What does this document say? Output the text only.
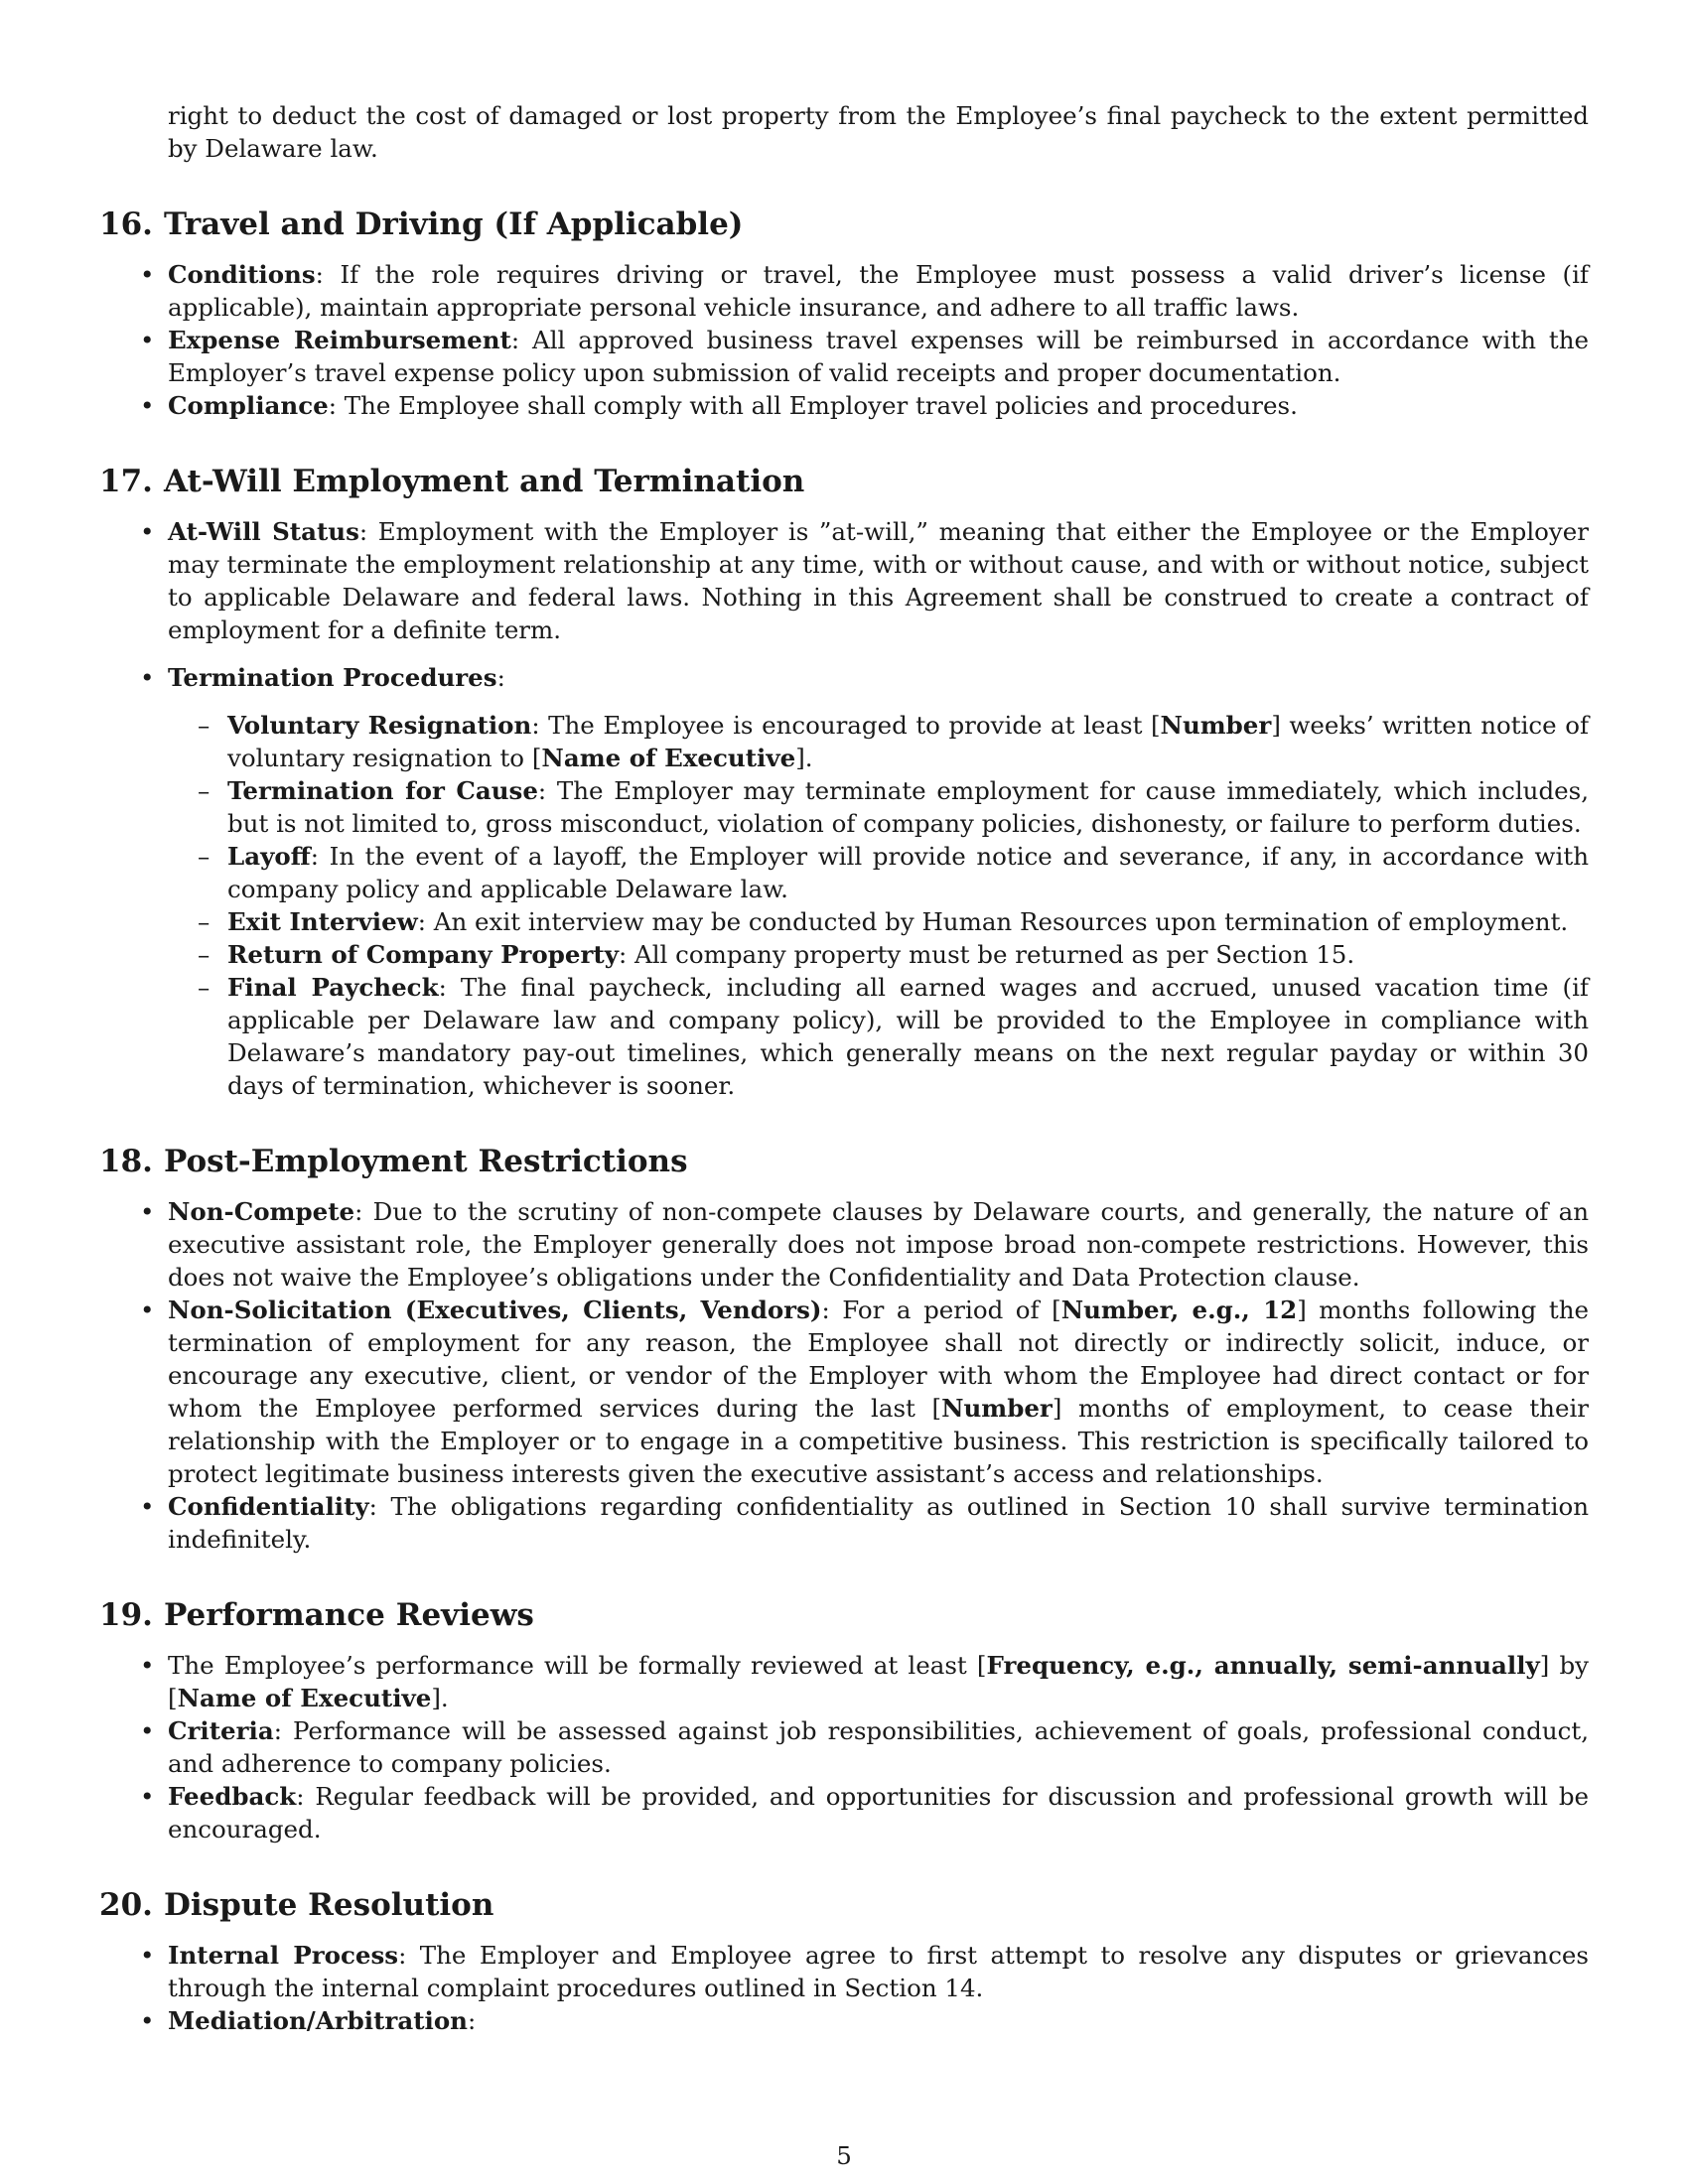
right to deduct the cost of damaged or lost property from the Employee’s final paycheck to the extent permitted by Delaware law.

16. Travel and Driving (If Applicable)
• Conditions: If the role requires driving or travel, the Employee must possess a valid driver’s license (if applicable), maintain appropriate personal vehicle insurance, and adhere to all traffic laws.
• Expense Reimbursement: All approved business travel expenses will be reimbursed in accordance with the Employer’s travel expense policy upon submission of valid receipts and proper documentation.
• Compliance: The Employee shall comply with all Employer travel policies and procedures.
17. At-Will Employment and Termination
• At-Will Status: Employment with the Employer is ”at-will,” meaning that either the Employee or the Employer may terminate the employment relationship at any time, with or without cause, and with or without notice, subject to applicable Delaware and federal laws. Nothing in this Agreement shall be construed to create a contract of employment for a definite term.
• Termination Procedures:
– Voluntary Resignation: The Employee is encouraged to provide at least [Number] weeks’ written notice of voluntary resignation to [Name of Executive].
– Termination for Cause: The Employer may terminate employment for cause immediately, which includes, but is not limited to, gross misconduct, violation of company policies, dishonesty, or failure to perform duties.
– Layoff: In the event of a layoff, the Employer will provide notice and severance, if any, in accordance with company policy and applicable Delaware law.
– Exit Interview: An exit interview may be conducted by Human Resources upon termination of employment.
– Return of Company Property: All company property must be returned as per Section 15.
– Final Paycheck: The final paycheck, including all earned wages and accrued, unused vacation time (if applicable per Delaware law and company policy), will be provided to the Employee in compliance with Delaware’s mandatory pay-out timelines, which generally means on the next regular payday or within 30 days of termination, whichever is sooner.
18. Post-Employment Restrictions
• Non-Compete: Due to the scrutiny of non-compete clauses by Delaware courts, and generally, the nature of an executive assistant role, the Employer generally does not impose broad non-compete restrictions. However, this does not waive the Employee’s obligations under the Confidentiality and Data Protection clause.
• Non-Solicitation (Executives, Clients, Vendors): For a period of [Number, e.g., 12] months following the termination of employment for any reason, the Employee shall not directly or indirectly solicit, induce, or encourage any executive, client, or vendor of the Employer with whom the Employee had direct contact or for whom the Employee performed services during the last [Number] months of employment, to cease their relationship with the Employer or to engage in a competitive business. This restriction is specifically tailored to protect legitimate business interests given the executive assistant’s access and relationships.
• Confidentiality: The obligations regarding confidentiality as outlined in Section 10 shall survive termination indefinitely.
19. Performance Reviews
• The Employee’s performance will be formally reviewed at least [Frequency, e.g., annually, semi-annually] by [Name of Executive].
• Criteria: Performance will be assessed against job responsibilities, achievement of goals, professional conduct, and adherence to company policies.
• Feedback: Regular feedback will be provided, and opportunities for discussion and professional growth will be encouraged.
20. Dispute Resolution
• Internal Process: The Employer and Employee agree to first attempt to resolve any disputes or grievances through the internal complaint procedures outlined in Section 14.
• Mediation/Arbitration:
5
